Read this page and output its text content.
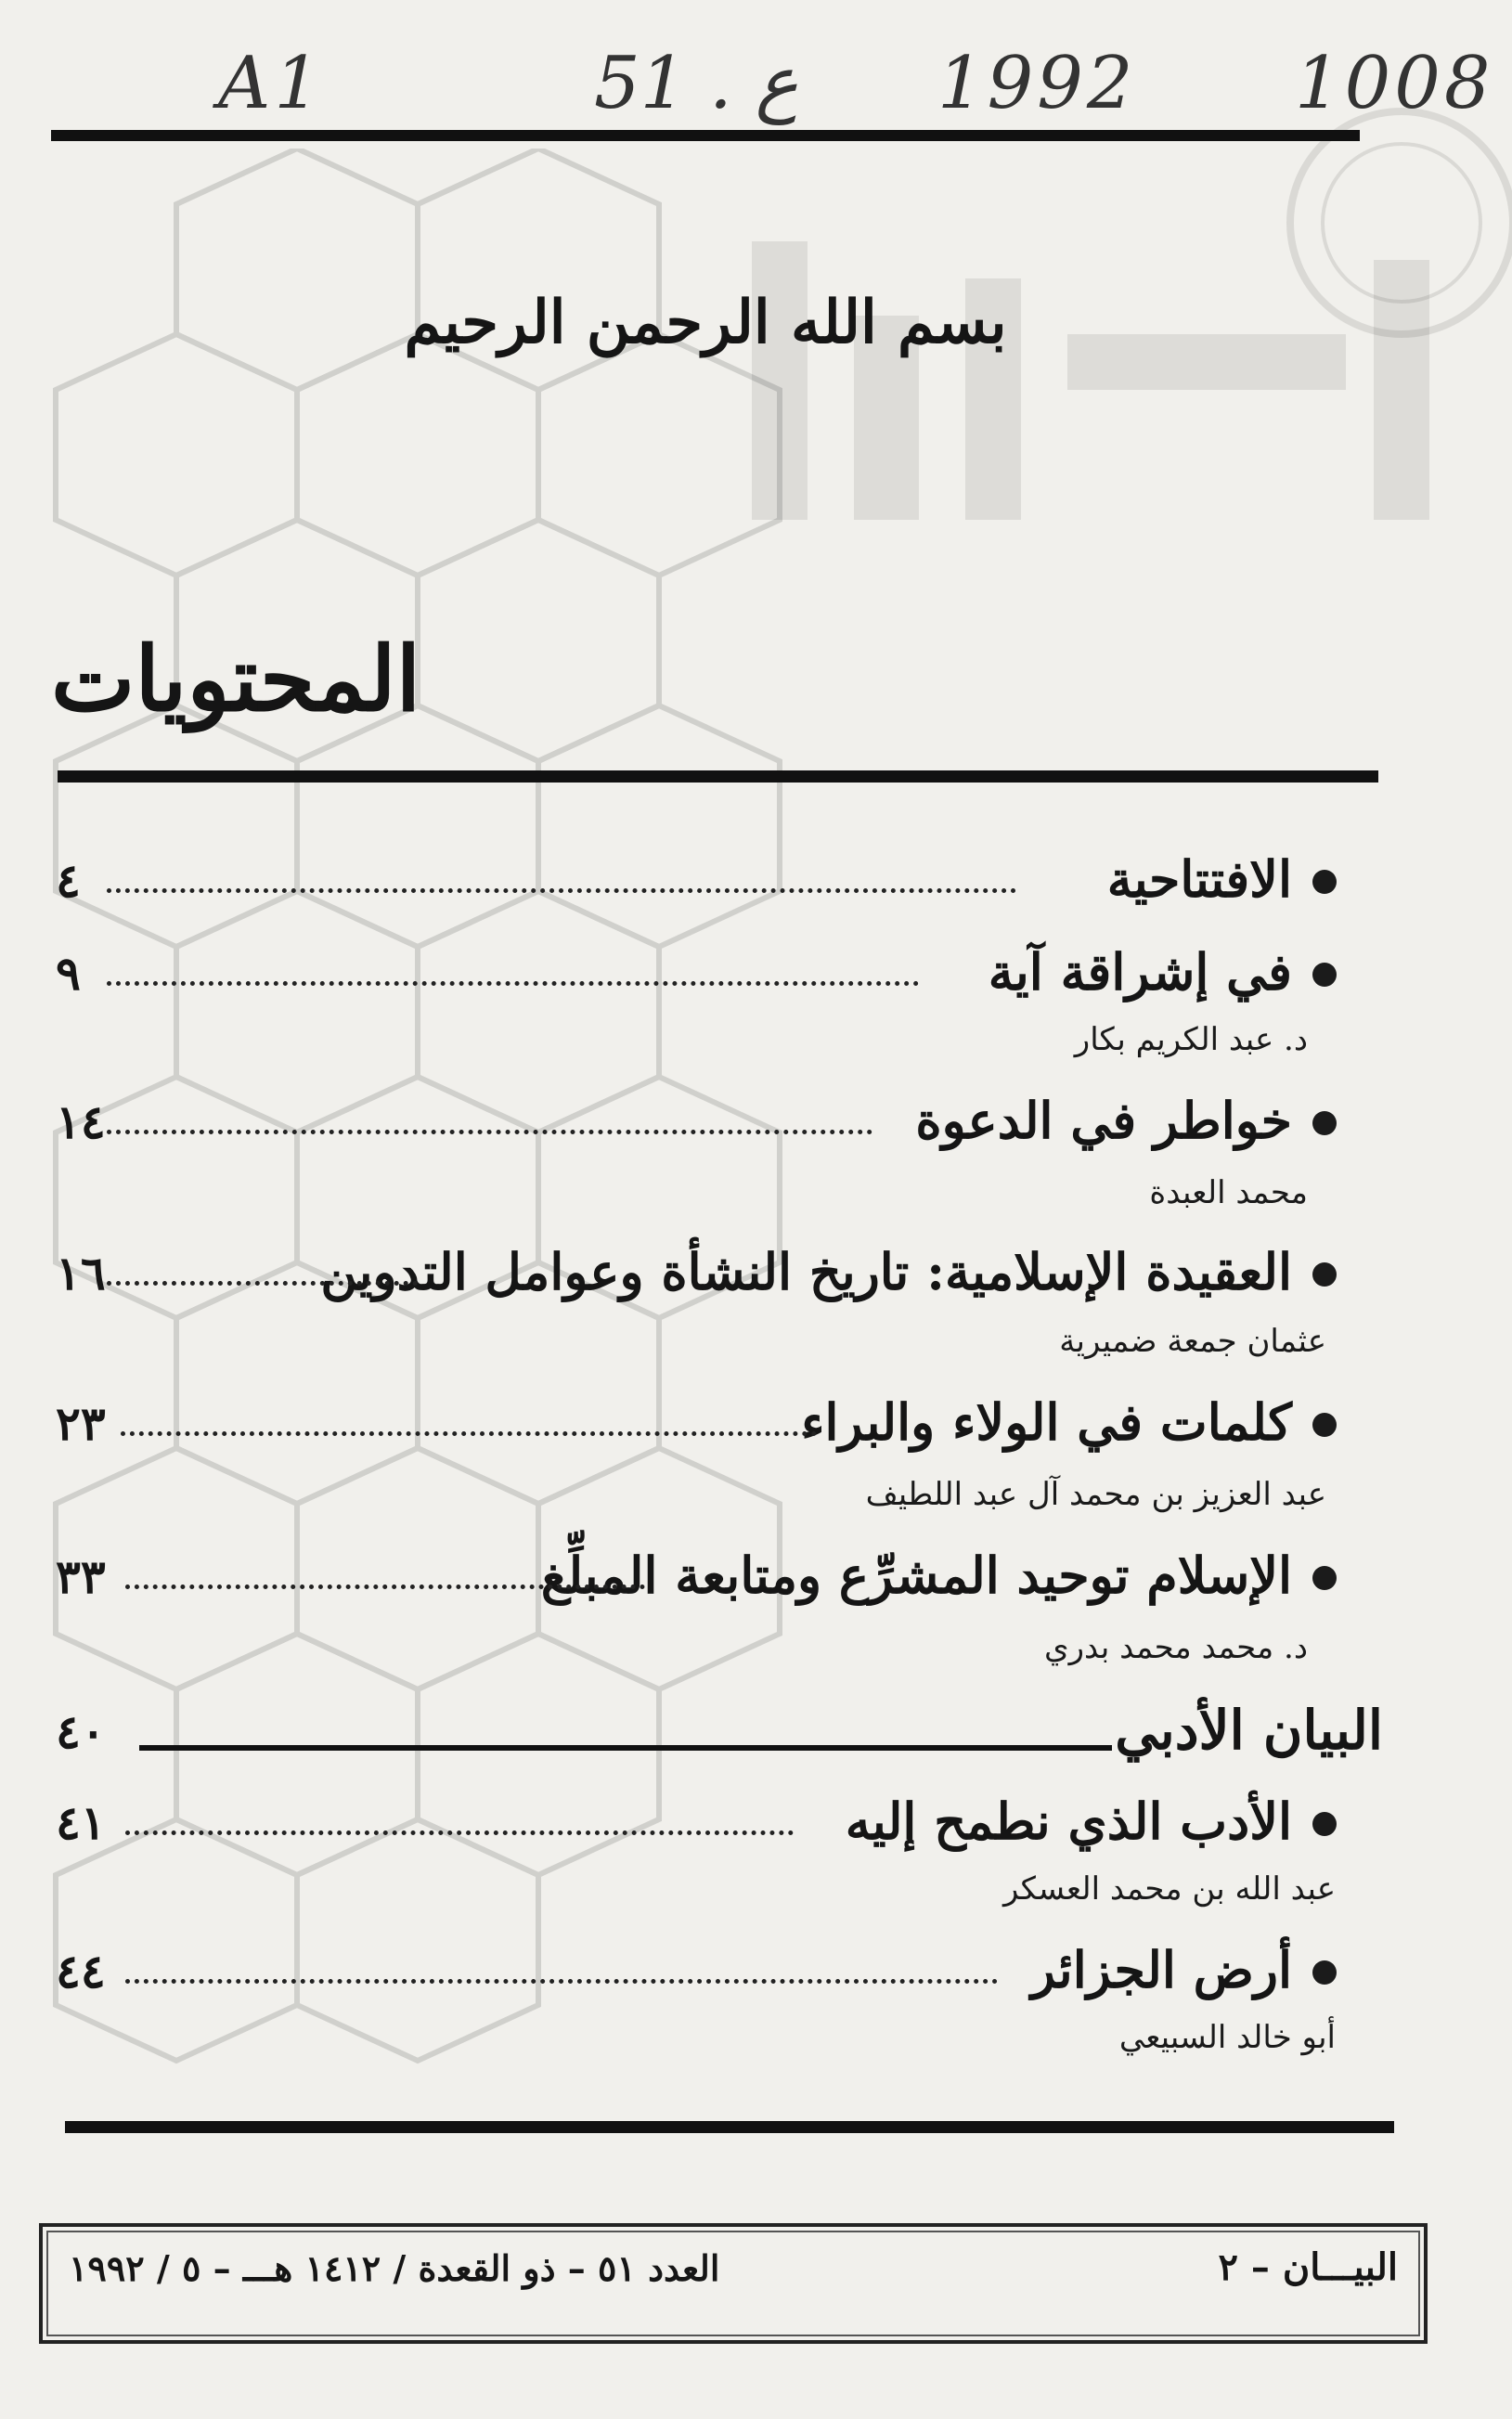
A1	51 . ع 1992 1008
بسم الله الرحمن الرحيم
المحتويات
الافتتاحية
٤
في إشراقة آية
٩
د. عبد الكريم بكار
خواطر في الدعوة
١٤
محمد العبدة
العقيدة الإسلامية: تاريخ النشأة وعوامل التدوين
١٦
عثمان جمعة ضميرية
كلمات في الولاء والبراء
٢٣
عبد العزيز بن محمد آل عبد اللطيف
الإسلام توحيد المشرِّع ومتابعة المبلِّغ
٣٣
د. محمد محمد بدري
البيان الأدبي
٤٠
الأدب الذي نطمح إليه
٤١
عبد الله بن محمد العسكر
أرض الجزائر
٤٤
أبو خالد السبيعي
البيـــان – ٢
العدد ٥١ – ذو القعدة / ١٤١٢ هـــ – ٥ / ١٩٩٢
